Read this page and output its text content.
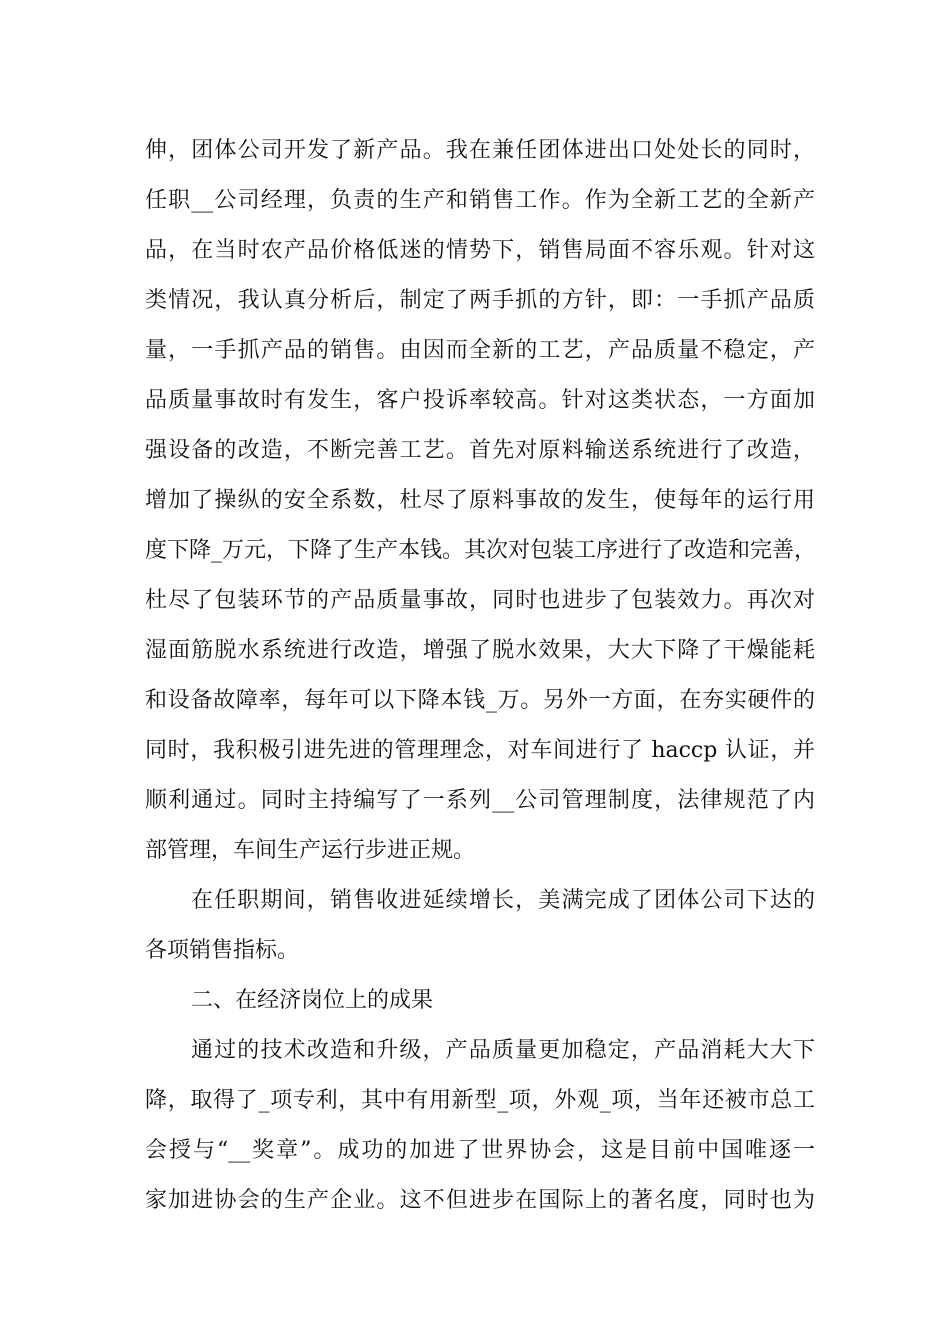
伸，团体公司开发了新产品。我在兼任团体进出口处处长的同时，
任职__公司经理，负责的生产和销售工作。作为全新工艺的全新产
品，在当时农产品价格低迷的情势下，销售局面不容乐观。针对这
类情况，我认真分析后，制定了两手抓的方针，即：一手抓产品质
量，一手抓产品的销售。由因而全新的工艺，产品质量不稳定，产
品质量事故时有发生，客户投诉率较高。针对这类状态，一方面加
强设备的改造，不断完善工艺。首先对原料输送系统进行了改造，
增加了操纵的安全系数，杜尽了原料事故的发生，使每年的运行用
度下降_万元，下降了生产本钱。其次对包装工序进行了改造和完善，
杜尽了包装环节的产品质量事故，同时也进步了包装效力。再次对
湿面筋脱水系统进行改造，增强了脱水效果，大大下降了干燥能耗
和设备故障率，每年可以下降本钱_万。另外一方面，在夯实硬件的
同时，我积极引进先进的管理理念，对车间进行了 haccp 认证，并
顺利通过。同时主持编写了一系列__公司管理制度，法律规范了内
部管理，车间生产运行步进正规。
在任职期间，销售收进延续增长，美满完成了团体公司下达的
各项销售指标。
二、在经济岗位上的成果
通过的技术改造和升级，产品质量更加稳定，产品消耗大大下
降，取得了_项专利，其中有用新型_项，外观_项，当年还被市总工
会授与“__奖章”。成功的加进了世界协会，这是目前中国唯逐一
家加进协会的生产企业。这不但进步在国际上的著名度，同时也为
